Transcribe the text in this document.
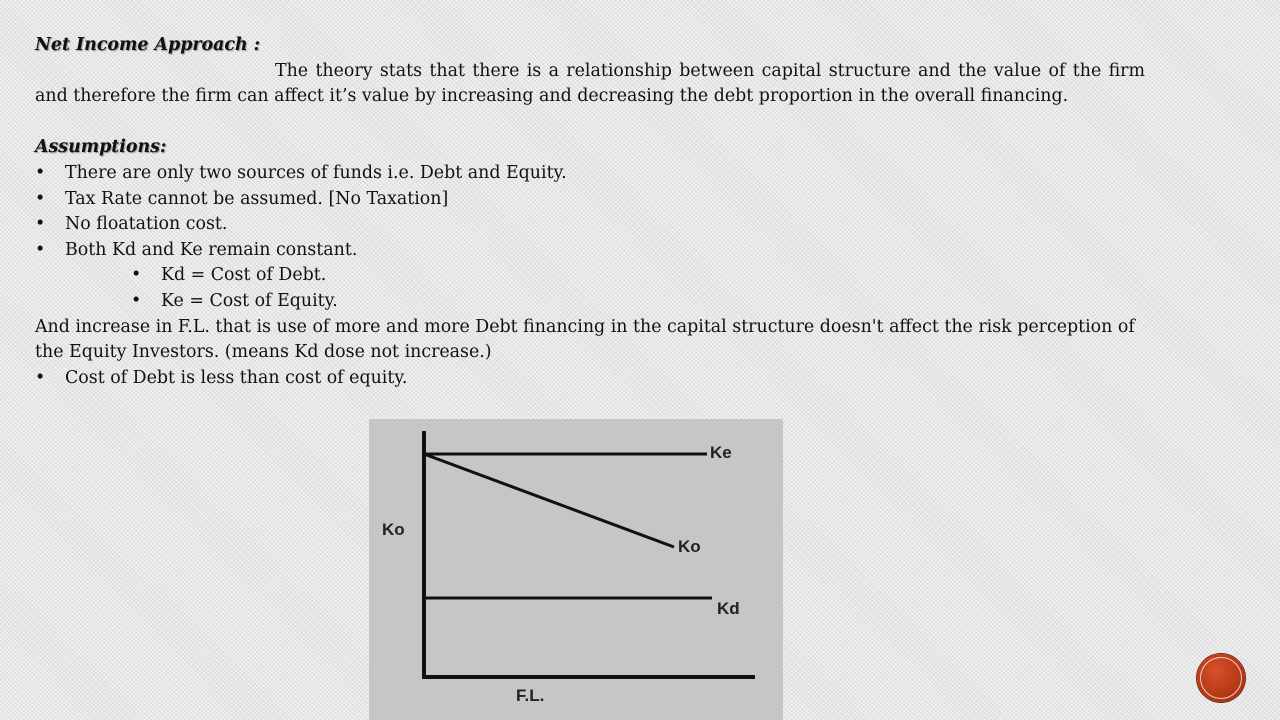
Net Income Approach :
The theory stats that there is a relationship between capital structure and the value of the firm and therefore the firm can affect it’s value by increasing and decreasing the debt proportion in the overall financing.
Assumptions:
• There are only two sources of funds i.e. Debt and Equity.
• Tax Rate cannot be assumed. [No Taxation]
• No floatation cost.
• Both Kd and Ke remain constant.
• Kd = Cost of Debt.
• Ke = Cost of Equity.
And increase in F.L. that is use of more and more Debt financing in the capital structure doesn't affect the risk perception of the Equity Investors. (means Kd dose not increase.)
• Cost of Debt is less than cost of equity.
Ke
Ko
Kd
Ko
F.L.
